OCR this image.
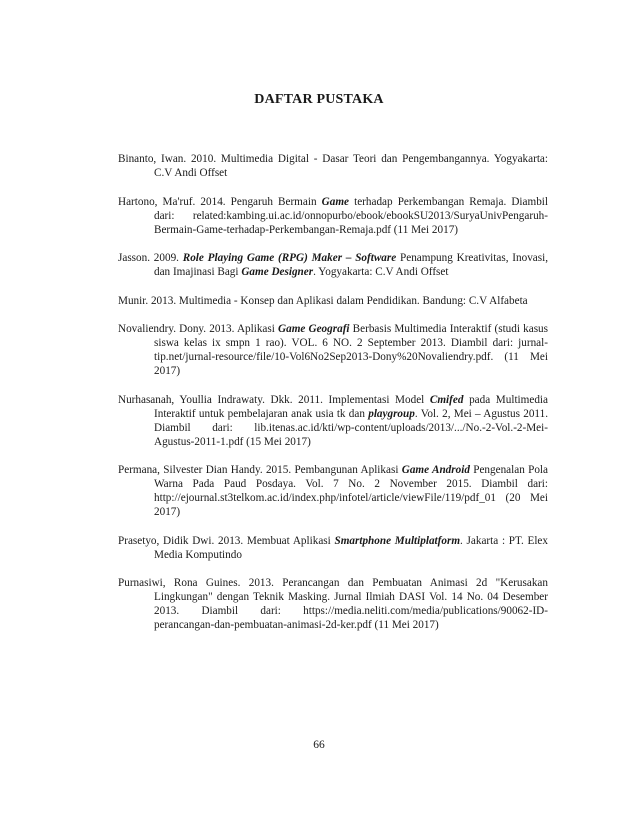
DAFTAR PUSTAKA

Binanto, Iwan. 2010. Multimedia Digital - Dasar Teori dan Pengembangannya. Yogyakarta: C.V Andi Offset

Hartono, Ma'ruf. 2014. Pengaruh Bermain Game terhadap Perkembangan Remaja. Diambil dari: related:kambing.ui.ac.id/onnopurbo/ebook/ebookSU2013/SuryaUnivPengaruh-Bermain-Game-terhadap-Perkembangan-Remaja.pdf (11 Mei 2017)

Jasson. 2009. Role Playing Game (RPG) Maker – Software Penampung Kreativitas, Inovasi, dan Imajinasi Bagi Game Designer. Yogyakarta: C.V Andi Offset

Munir. 2013. Multimedia - Konsep dan Aplikasi dalam Pendidikan. Bandung: C.V Alfabeta

Novaliendry. Dony. 2013. Aplikasi Game Geografi Berbasis Multimedia Interaktif (studi kasus siswa kelas ix smpn 1 rao). VOL. 6 NO. 2 September 2013. Diambil dari: jurnal-tip.net/jurnal-resource/file/10-Vol6No2Sep2013-Dony%20Novaliendry.pdf. (11 Mei 2017)

Nurhasanah, Youllia Indrawaty. Dkk. 2011. Implementasi Model Cmifed pada Multimedia Interaktif untuk pembelajaran anak usia tk dan playgroup. Vol. 2, Mei – Agustus 2011. Diambil dari: lib.itenas.ac.id/kti/wp-content/uploads/2013/.../No.-2-Vol.-2-Mei-Agustus-2011-1.pdf (15 Mei 2017)

Permana, Silvester Dian Handy. 2015. Pembangunan Aplikasi Game Android Pengenalan Pola Warna Pada Paud Posdaya. Vol. 7 No. 2 November 2015. Diambil dari: http://ejournal.st3telkom.ac.id/index.php/infotel/article/viewFile/119/pdf_01 (20 Mei 2017)

Prasetyo, Didik Dwi. 2013. Membuat Aplikasi Smartphone Multiplatform. Jakarta : PT. Elex Media Komputindo

Purnasiwi, Rona Guines. 2013. Perancangan dan Pembuatan Animasi 2d "Kerusakan Lingkungan" dengan Teknik Masking. Jurnal Ilmiah DASI Vol. 14 No. 04 Desember 2013. Diambil dari: https://media.neliti.com/media/publications/90062-ID-perancangan-dan-pembuatan-animasi-2d-ker.pdf (11 Mei 2017)

66
